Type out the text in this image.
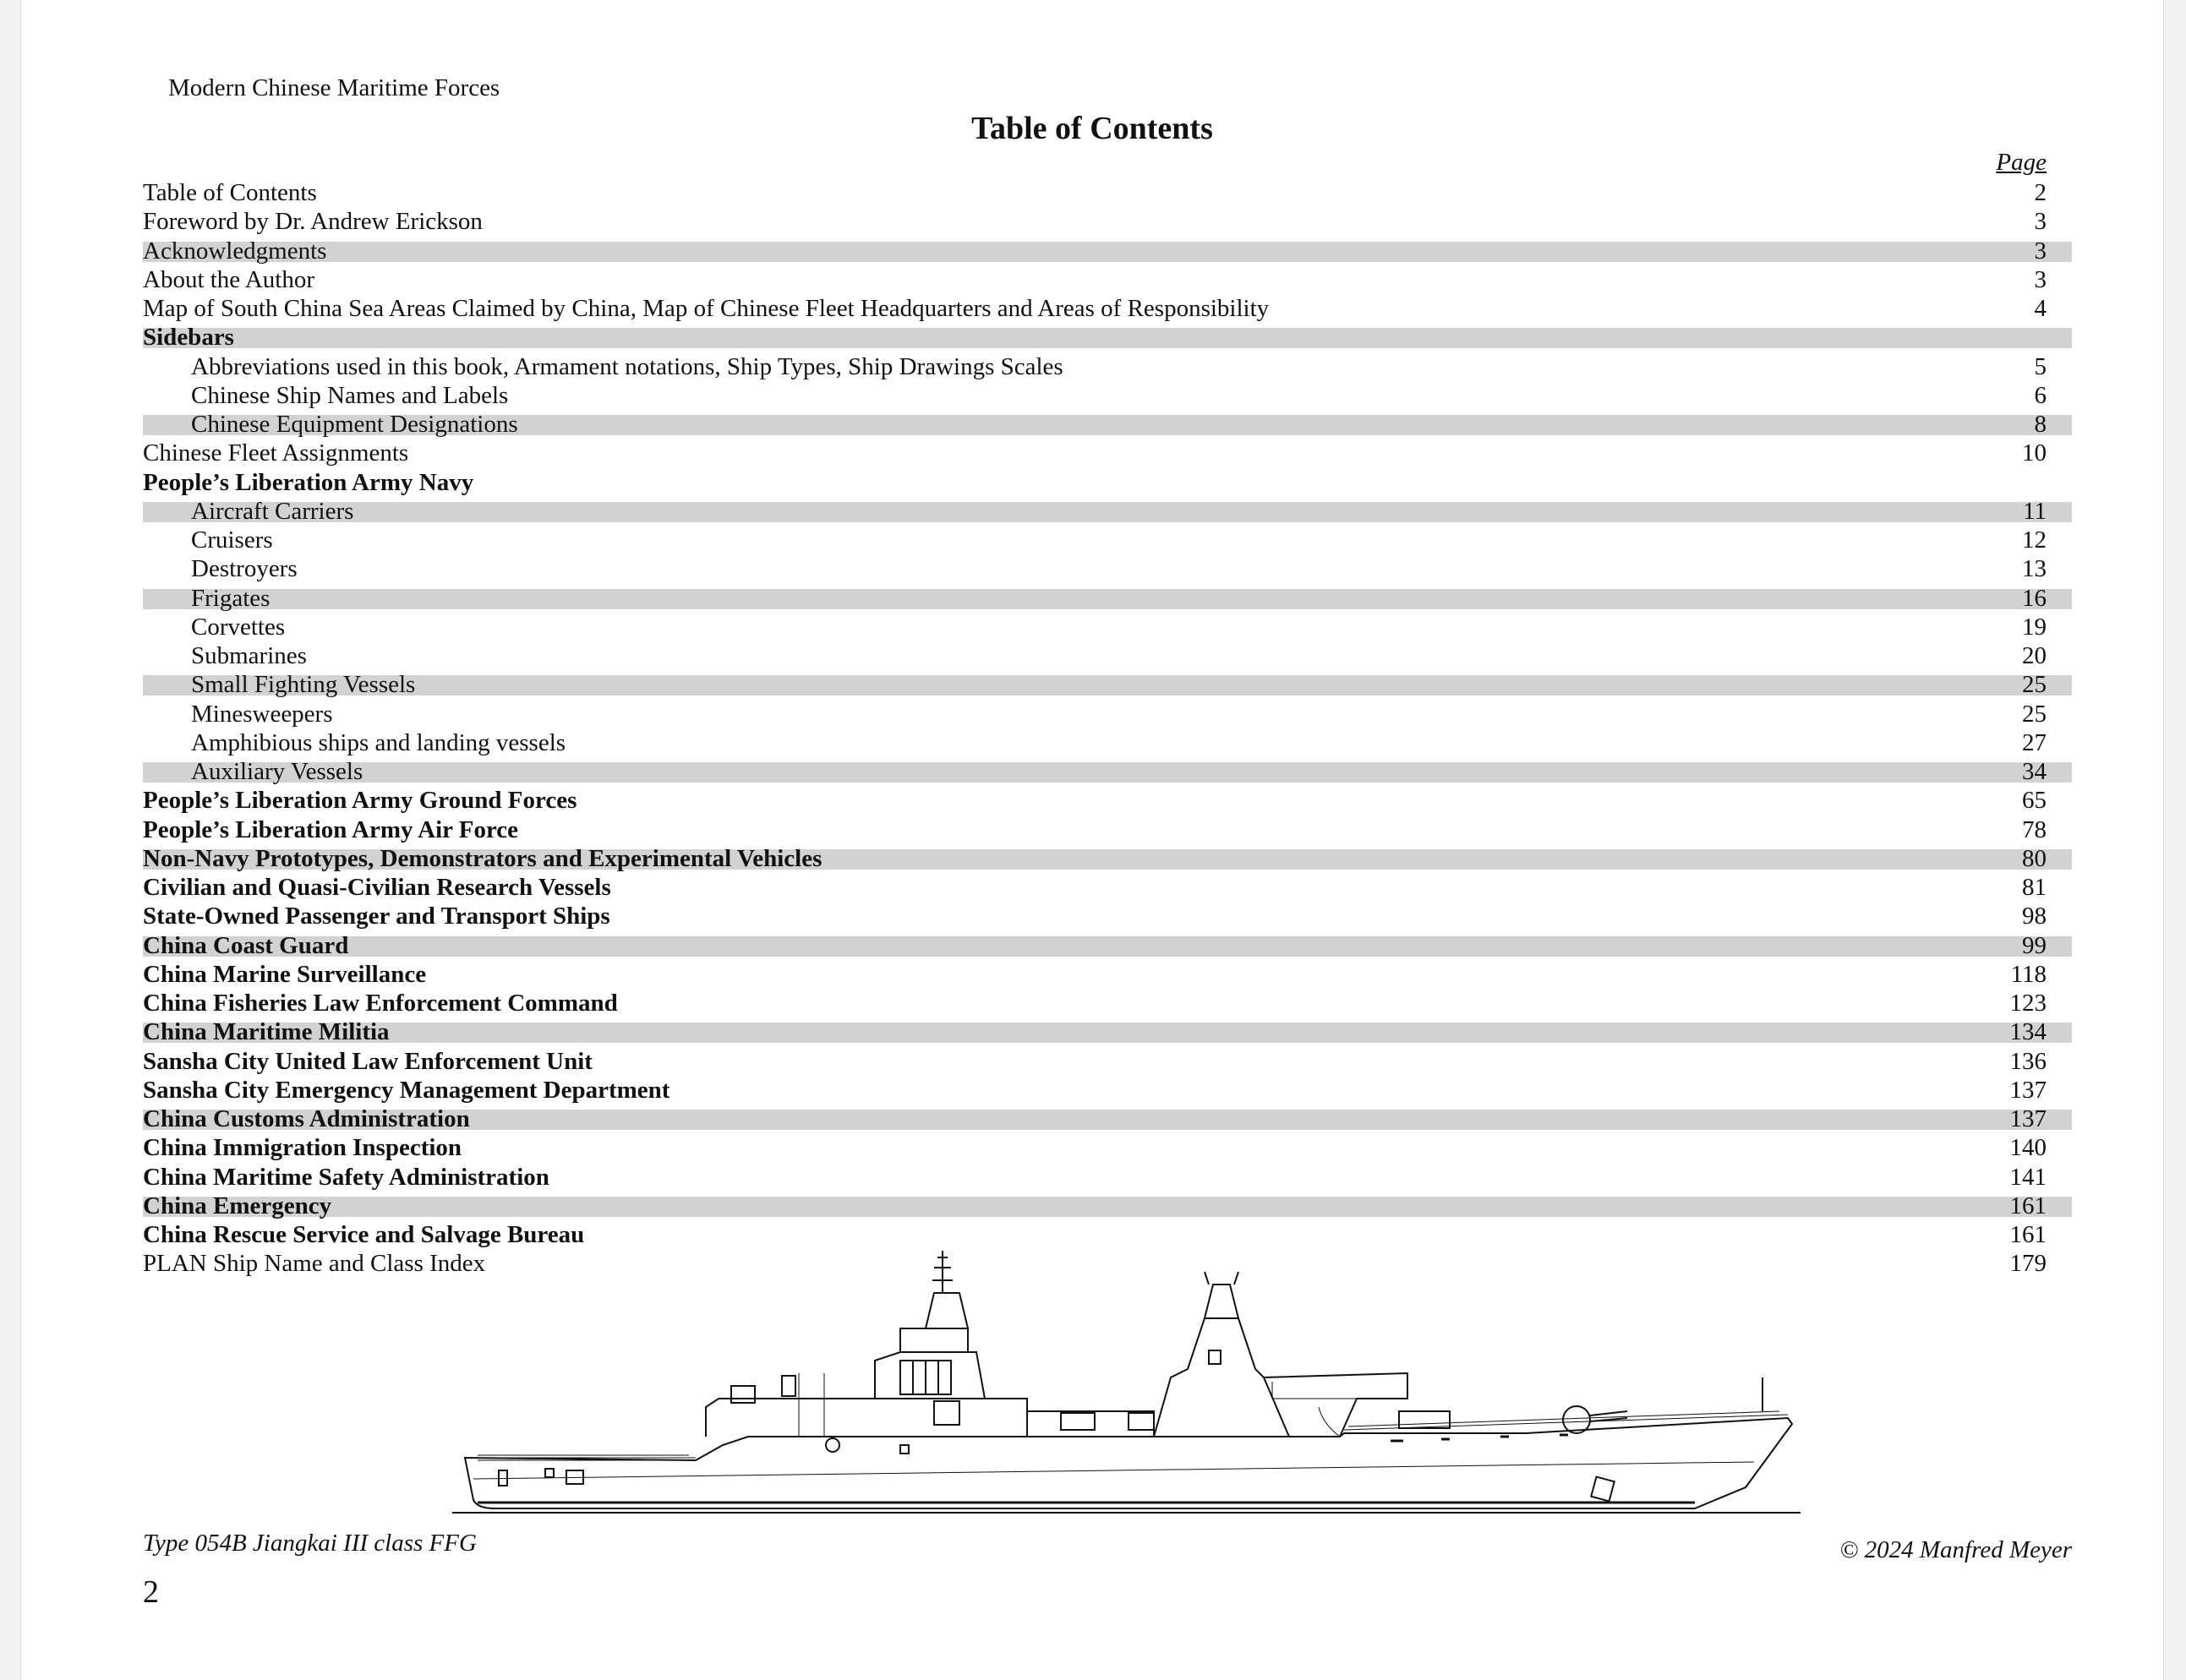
Modern Chinese Maritime Forces
Table of Contents
Page
Table of Contents	2
Foreword by Dr. Andrew Erickson	3
Acknowledgments	3
About the Author	3
Map of South China Sea Areas Claimed by China, Map of Chinese Fleet Headquarters and Areas of Responsibility	4
Sidebars
Abbreviations used in this book, Armament notations, Ship Types, Ship Drawings Scales	5
Chinese Ship Names and Labels	6
Chinese Equipment Designations	8
Chinese Fleet Assignments	10
People’s Liberation Army Navy
Aircraft Carriers	11
Cruisers	12
Destroyers	13
Frigates	16
Corvettes	19
Submarines	20
Small Fighting Vessels	25
Minesweepers	25
Amphibious ships and landing vessels	27
Auxiliary Vessels	34
People’s Liberation Army Ground Forces	65
People’s Liberation Army Air Force	78
Non-Navy Prototypes, Demonstrators and Experimental Vehicles	80
Civilian and Quasi-Civilian Research Vessels	81
State-Owned Passenger and Transport Ships	98
China Coast Guard	99
China Marine Surveillance	118
China Fisheries Law Enforcement Command	123
China Maritime Militia	134
Sansha City United Law Enforcement Unit	136
Sansha City Emergency Management Department	137
China Customs Administration	137
China Immigration Inspection	140
China Maritime Safety Administration	141
China Emergency	161
China Rescue Service and Salvage Bureau	161
PLAN Ship Name and Class Index	179
Type 054B Jiangkai III class FFG	© 2024 Manfred Meyer
2
